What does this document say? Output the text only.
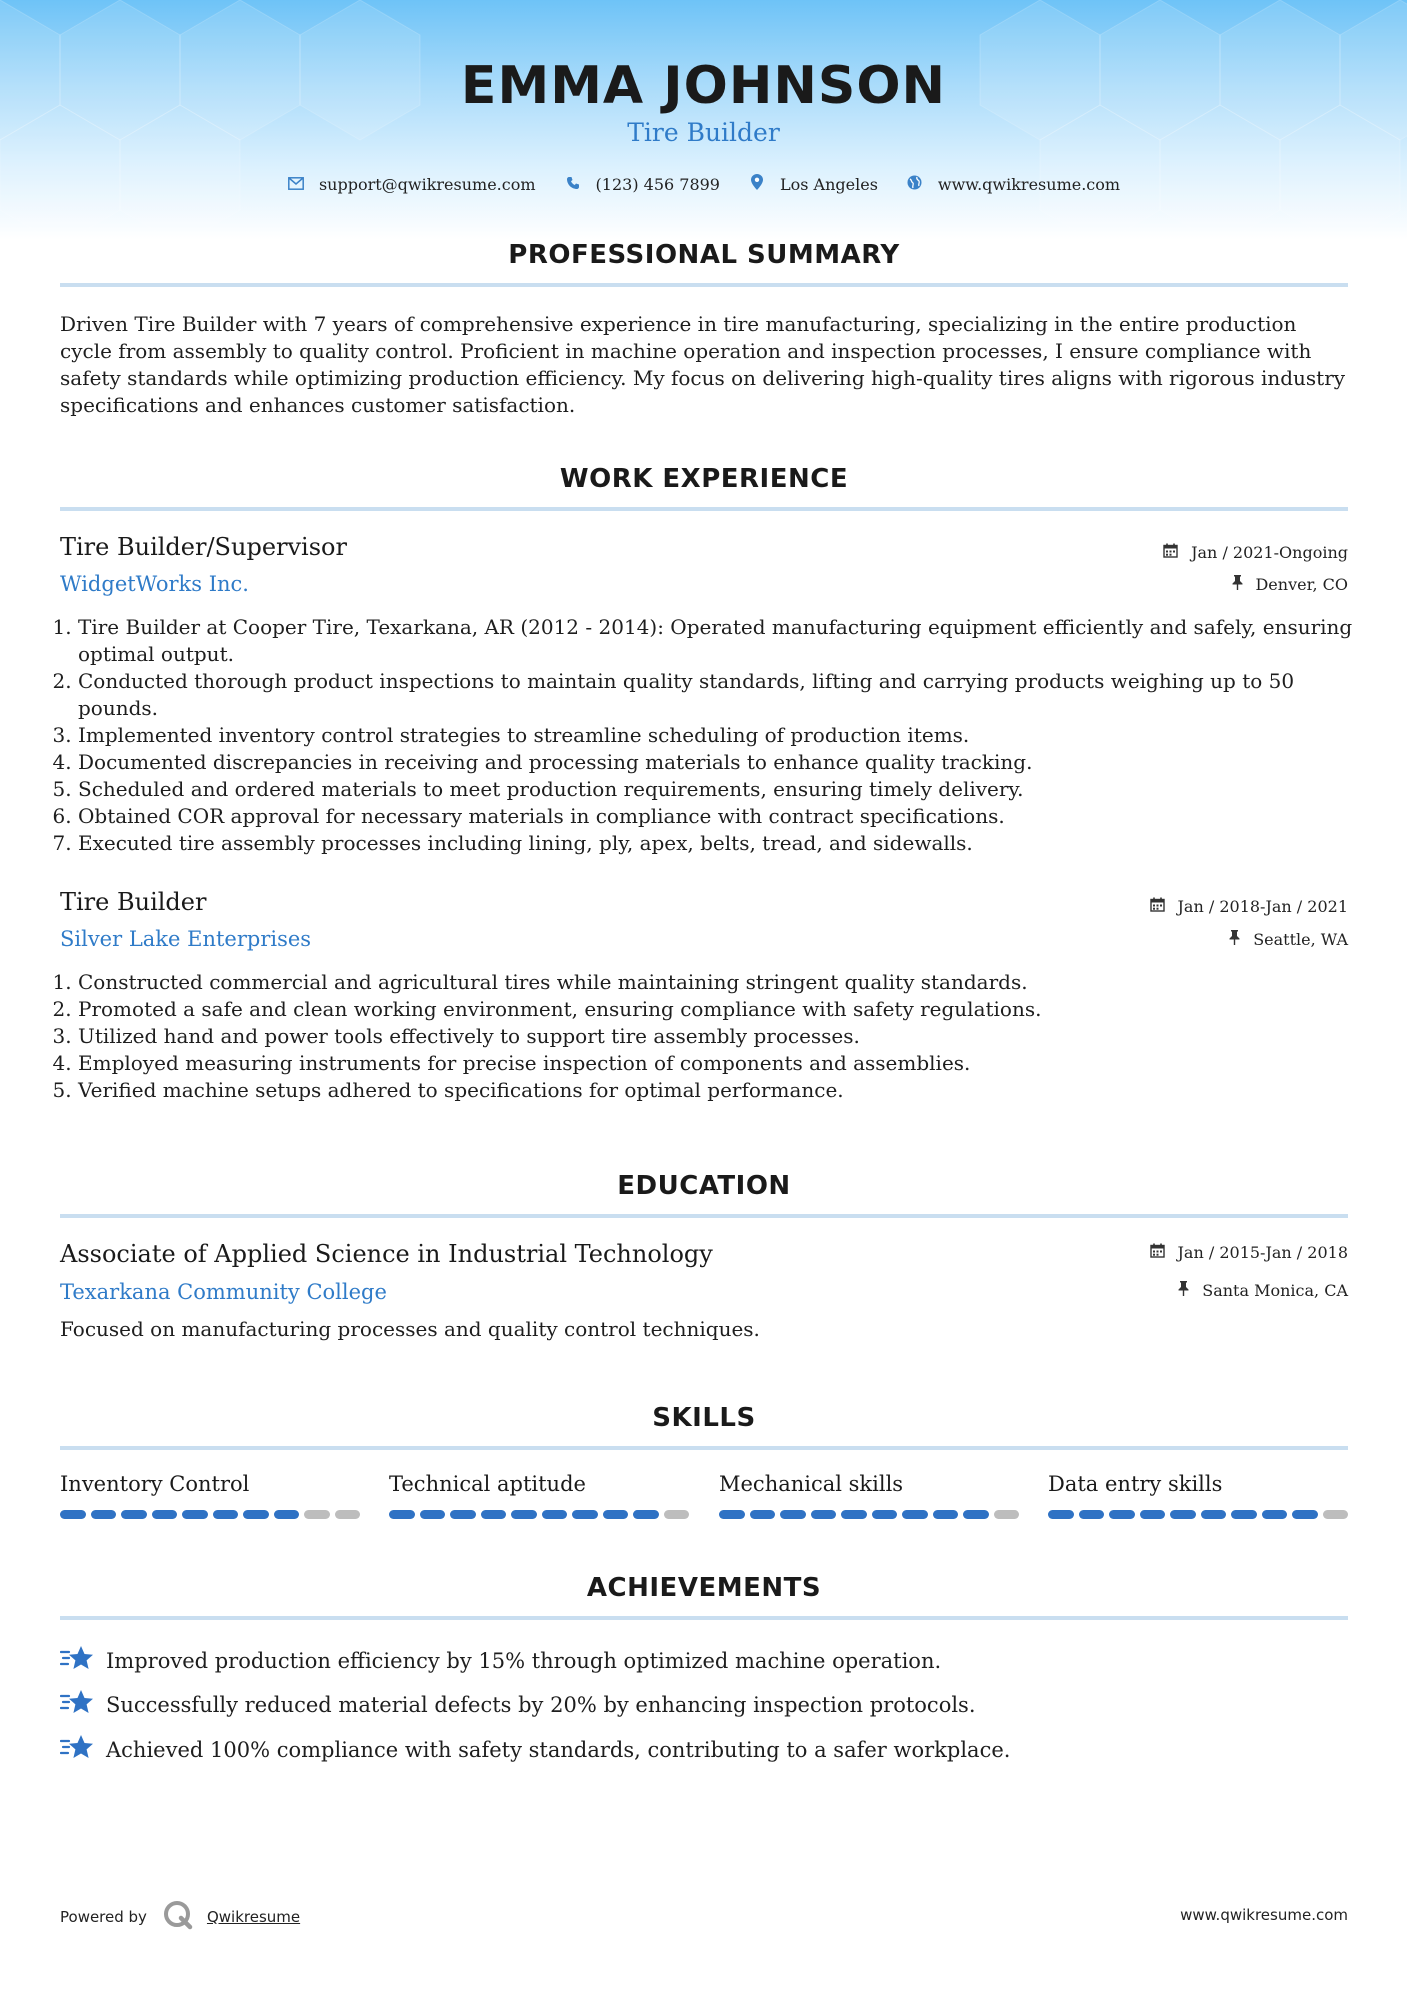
EMMA JOHNSON
Tire Builder
support@qwikresume.com	(123) 456 7899	Los Angeles	www.qwikresume.com
PROFESSIONAL SUMMARY
Driven Tire Builder with 7 years of comprehensive experience in tire manufacturing, specializing in the entire production cycle from assembly to quality control. Proficient in machine operation and inspection processes, I ensure compliance with safety standards while optimizing production efficiency. My focus on delivering high-quality tires aligns with rigorous industry specifications and enhances customer satisfaction.
WORK EXPERIENCE
Tire Builder/Supervisor	Jan / 2021-Ongoing
WidgetWorks Inc.	Denver, CO
1. Tire Builder at Cooper Tire, Texarkana, AR (2012 - 2014): Operated manufacturing equipment efficiently and safely, ensuring optimal output.
2. Conducted thorough product inspections to maintain quality standards, lifting and carrying products weighing up to 50 pounds.
3. Implemented inventory control strategies to streamline scheduling of production items.
4. Documented discrepancies in receiving and processing materials to enhance quality tracking.
5. Scheduled and ordered materials to meet production requirements, ensuring timely delivery.
6. Obtained COR approval for necessary materials in compliance with contract specifications.
7. Executed tire assembly processes including lining, ply, apex, belts, tread, and sidewalls.
Tire Builder	Jan / 2018-Jan / 2021
Silver Lake Enterprises	Seattle, WA
1. Constructed commercial and agricultural tires while maintaining stringent quality standards.
2. Promoted a safe and clean working environment, ensuring compliance with safety regulations.
3. Utilized hand and power tools effectively to support tire assembly processes.
4. Employed measuring instruments for precise inspection of components and assemblies.
5. Verified machine setups adhered to specifications for optimal performance.
EDUCATION
Associate of Applied Science in Industrial Technology	Jan / 2015-Jan / 2018
Texarkana Community College	Santa Monica, CA
Focused on manufacturing processes and quality control techniques.
SKILLS
Inventory Control	Technical aptitude	Mechanical skills	Data entry skills
ACHIEVEMENTS
Improved production efficiency by 15% through optimized machine operation.
Successfully reduced material defects by 20% by enhancing inspection protocols.
Achieved 100% compliance with safety standards, contributing to a safer workplace.
Powered by	Qwikresume	www.qwikresume.com
